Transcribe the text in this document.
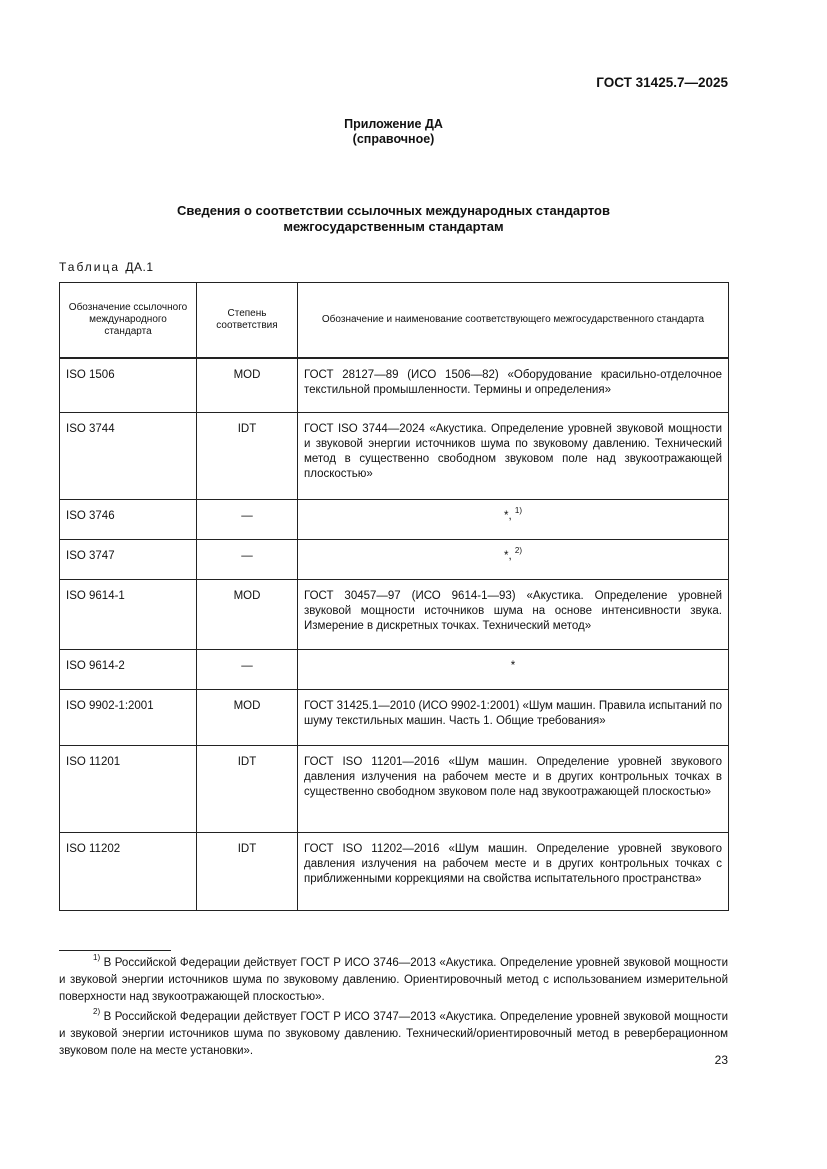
ГОСТ 31425.7—2025
Приложение ДА
(справочное)
Сведения о соответствии ссылочных международных стандартов
межгосударственным стандартам
Таблица ДА.1
Обозначение ссылочного международного стандарта	Степень соответствия	Обозначение и наименование соответствующего межгосударственного стандарта
ISO 1506	MOD	ГОСТ 28127—89 (ИСО 1506—82) «Оборудование красильно-отделочное текстильной промышленности. Термины и определения»
ISO 3744	IDT	ГОСТ ISO 3744—2024 «Акустика. Определение уровней звуковой мощности и звуковой энергии источников шума по звуковому давлению. Технический метод в существенно свободном звуковом поле над звукоотражающей плоскостью»
ISO 3746	—	*, $^{1)}$
ISO 3747	—	*, $^{2)}$
ISO 9614-1	MOD	ГОСТ 30457—97 (ИСО 9614-1—93) «Акустика. Определение уровней звуковой мощности источников шума на основе интенсивности звука. Измерение в дискретных точках. Технический метод»
ISO 9614-2	—	*
ISO 9902-1:2001	MOD	ГОСТ 31425.1—2010 (ИСО 9902-1:2001) «Шум машин. Правила испытаний по шуму текстильных машин. Часть 1. Общие требования»
ISO 11201	IDT	ГОСТ ISO 11201—2016 «Шум машин. Определение уровней звукового давления излучения на рабочем месте и в других контрольных точках в существенно свободном звуковом поле над звукоотражающей плоскостью»
ISO 11202	IDT	ГОСТ ISO 11202—2016 «Шум машин. Определение уровней звукового давления излучения на рабочем месте и в других контрольных точках с приближенными коррекциями на свойства испытательного пространства»

$^{1)}$ В Российской Федерации действует ГОСТ Р ИСО 3746—2013 «Акустика. Определение уровней звуковой мощности и звуковой энергии источников шума по звуковому давлению. Ориентировочный метод с использованием измерительной поверхности над звукоотражающей плоскостью».

$^{2)}$ В Российской Федерации действует ГОСТ Р ИСО 3747—2013 «Акустика. Определение уровней звуковой мощности и звуковой энергии источников шума по звуковому давлению. Технический/ориентировочный метод в реверберационном звуковом поле на месте установки».

23
